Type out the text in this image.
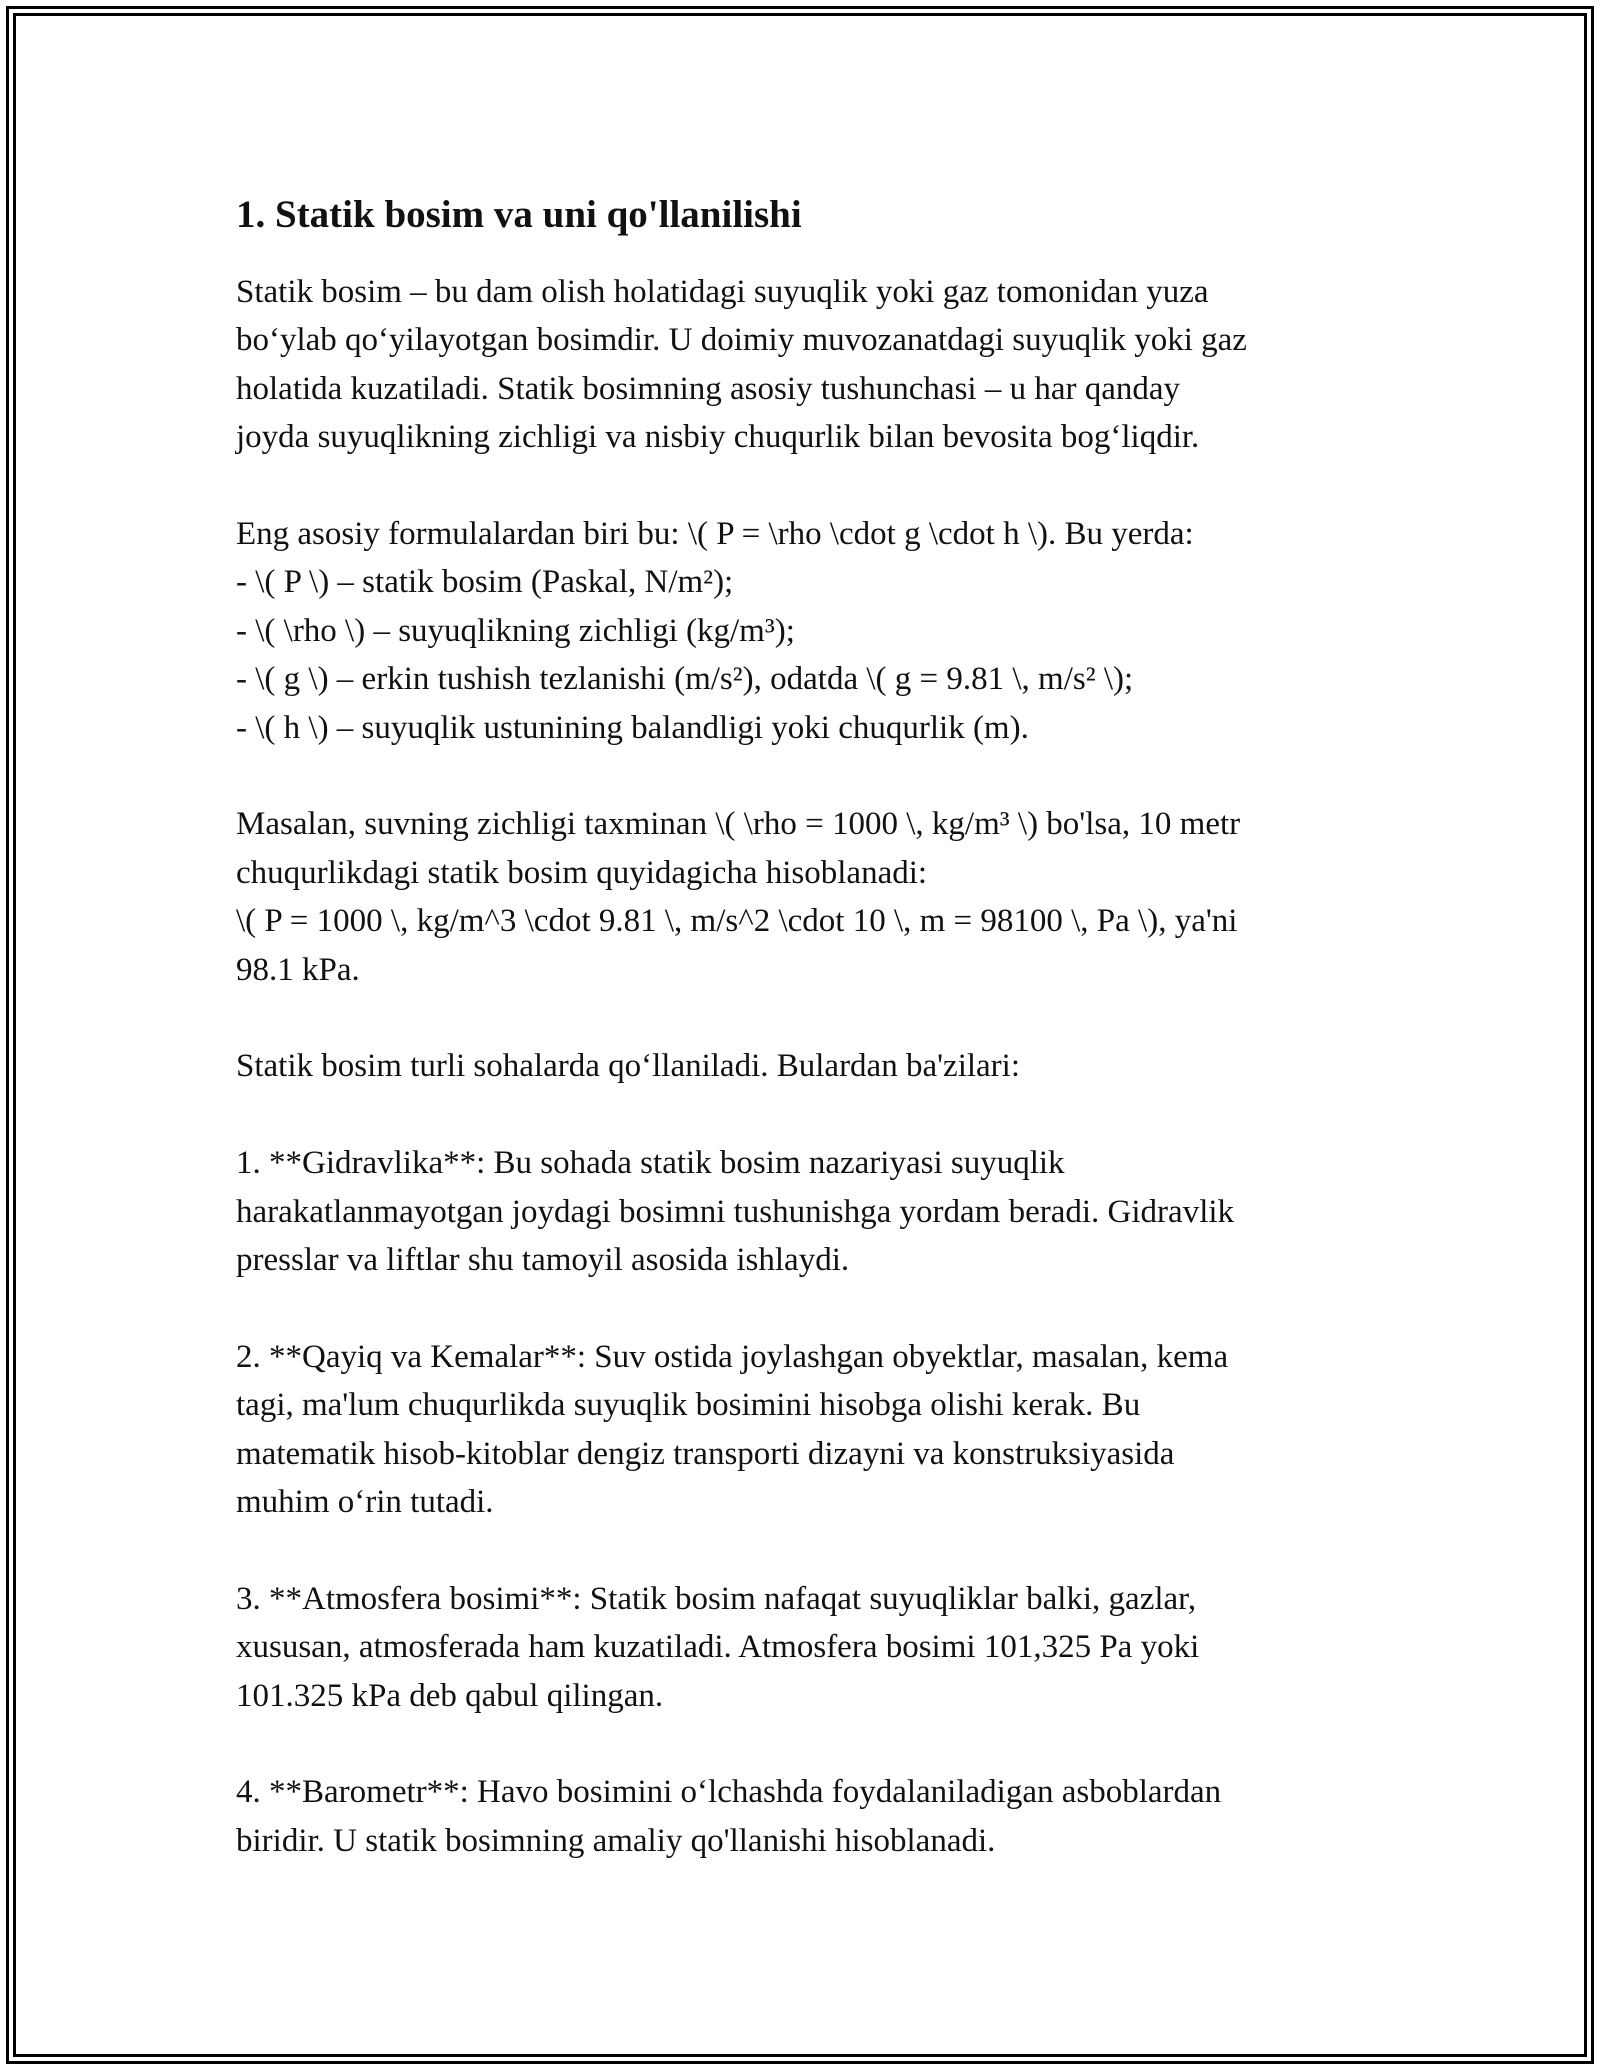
1. Statik bosim va uni qo'llanilishi
Statik bosim – bu dam olish holatidagi suyuqlik yoki gaz tomonidan yuza
bo‘ylab qo‘yilayotgan bosimdir. U doimiy muvozanatdagi suyuqlik yoki gaz
holatida kuzatiladi. Statik bosimning asosiy tushunchasi – u har qanday
joyda suyuqlikning zichligi va nisbiy chuqurlik bilan bevosita bog‘liqdir.
Eng asosiy formulalardan biri bu: \( P = \rho \cdot g \cdot h \). Bu yerda:
- \( P \) – statik bosim (Paskal, N/m²);
- \( \rho \) – suyuqlikning zichligi (kg/m³);
- \( g \) – erkin tushish tezlanishi (m/s²), odatda \( g = 9.81 \, m/s² \);
- \( h \) – suyuqlik ustunining balandligi yoki chuqurlik (m).
Masalan, suvning zichligi taxminan \( \rho = 1000 \, kg/m³ \) bo'lsa, 10 metr
chuqurlikdagi statik bosim quyidagicha hisoblanadi:
\( P = 1000 \, kg/m^3 \cdot 9.81 \, m/s^2 \cdot 10 \, m = 98100 \, Pa \), ya'ni
98.1 kPa.
Statik bosim turli sohalarda qo‘llaniladi. Bulardan ba'zilari:
1. **Gidravlika**: Bu sohada statik bosim nazariyasi suyuqlik
harakatlanmayotgan joydagi bosimni tushunishga yordam beradi. Gidravlik
presslar va liftlar shu tamoyil asosida ishlaydi.
2. **Qayiq va Kemalar**: Suv ostida joylashgan obyektlar, masalan, kema
tagi, ma'lum chuqurlikda suyuqlik bosimini hisobga olishi kerak. Bu
matematik hisob-kitoblar dengiz transporti dizayni va konstruksiyasida
muhim o‘rin tutadi.
3. **Atmosfera bosimi**: Statik bosim nafaqat suyuqliklar balki, gazlar,
xususan, atmosferada ham kuzatiladi. Atmosfera bosimi 101,325 Pa yoki
101.325 kPa deb qabul qilingan.
4. **Barometr**: Havo bosimini o‘lchashda foydalaniladigan asboblardan
biridir. U statik bosimning amaliy qo'llanishi hisoblanadi.
